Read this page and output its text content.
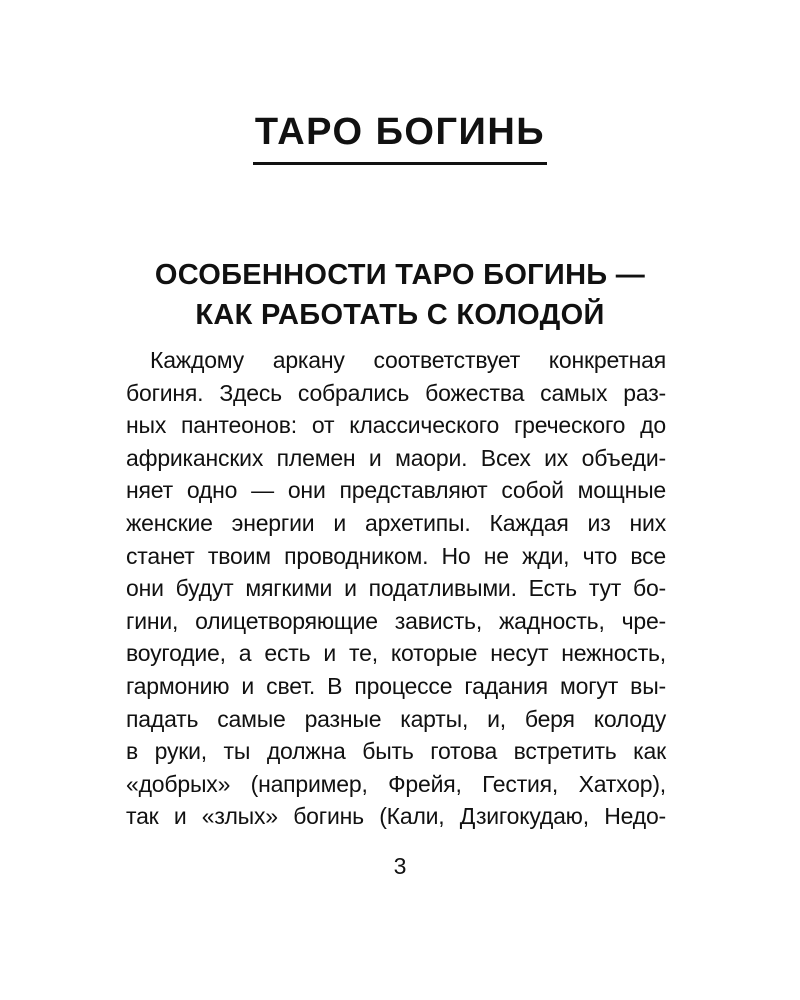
ТАРО БОГИНЬ
ОСОБЕННОСТИ ТАРО БОГИНЬ —
КАК РАБОТАТЬ С КОЛОДОЙ
Каждому аркану соответствует конкретная
богиня. Здесь собрались божества самых раз-
ных пантеонов: от классического греческого до
африканских племен и маори. Всех их объеди-
няет одно — они представляют собой мощные
женские энергии и архетипы. Каждая из них
станет твоим проводником. Но не жди, что все
они будут мягкими и податливыми. Есть тут бо-
гини, олицетворяющие зависть, жадность, чре-
воугодие, а есть и те, которые несут нежность,
гармонию и свет. В процессе гадания могут вы-
падать самые разные карты, и, беря колоду
в руки, ты должна быть готова встретить как
«добрых» (например, Фрейя, Гестия, Хатхор),
так и «злых» богинь (Кали, Дзигокудаю, Недо-
3
